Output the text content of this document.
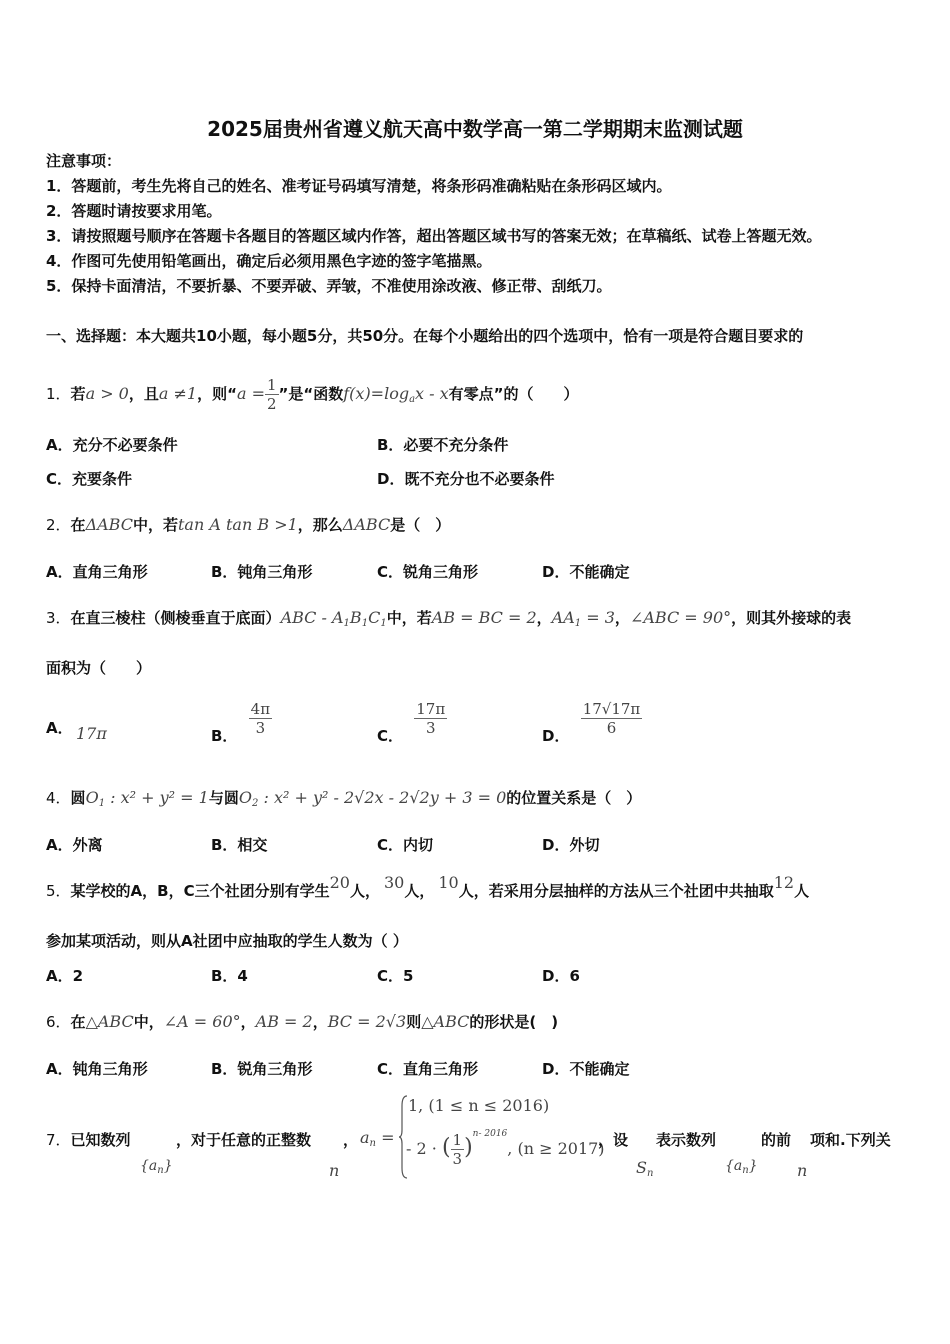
2025届贵州省遵义航天高中数学高一第二学期期末监测试题
注意事项：
1．答题前，考生先将自己的姓名、准考证号码填写清楚，将条形码准确粘贴在条形码区域内。
2．答题时请按要求用笔。
3．请按照题号顺序在答题卡各题目的答题区域内作答，超出答题区域书写的答案无效；在草稿纸、试卷上答题无效。
4．作图可先使用铅笔画出，确定后必须用黑色字迹的签字笔描黑。
5．保持卡面清洁，不要折暴、不要弄破、弄皱，不准使用涂改液、修正带、刮纸刀。
一、选择题：本大题共10小题，每小题5分，共50分。在每个小题给出的四个选项中，恰有一项是符合题目要求的
1．若a > 0，且a ≠1，则“$a = \frac{1}{2}$ ”是“函数$f(x)=\log_ax - x$有零点”的（　　）
A．充分不必要条件	B．必要不充分条件
C．充要条件	D．既不充分也不必要条件
2．在ΔABC中，若tan A tan B >1，那么ΔABC是（　）
A．直角三角形	B．钝角三角形	C．锐角三角形	D．不能确定
3．在直三棱柱（侧棱垂直于底面）$ABC - A_1B_1C_1$中，若AB = BC = 2，$AA_1 = 3$，∠ABC = 90°，则其外接球的表
面积为（　　）
A． 17π	B． $\frac{4\pi}{3}$	C． $\frac{17\pi}{3}$	D． $\frac{17√17\pi}{6}$
4．圆$O_1$ : x² + y² = 1与圆$O_2$ : x² + y² - 2√2x - 2√2y + 3 = 0的位置关系是（　）
A．外离	B．相交	C．内切	D．外切
5．某学校的A，B，C三个社团分别有学生20人， 30人， 10人，若采用分层抽样的方法从三个社团中共抽取12人
参加某项活动，则从A社团中应抽取的学生人数为（ ）
A．2	B．4	C．5	D．6
6．在△ABC中，∠A = 60°，AB = 2，BC = 2√3则△ABC的形状是(　)
A．钝角三角形	B．锐角三角形	C．直角三角形	D．不能确定
7．已知数列
$\{a_n\}$
，对于任意的正整数
n
， $a_n$ =
1, (1 ≤ n ≤ 2016)
- 2 · ( $\frac{1}{3} )^{n- 2016}$, (n ≥ 2017)
，设
$S_n$
表示数列
$\{a_n\}$
的前
n
项和.下列关
